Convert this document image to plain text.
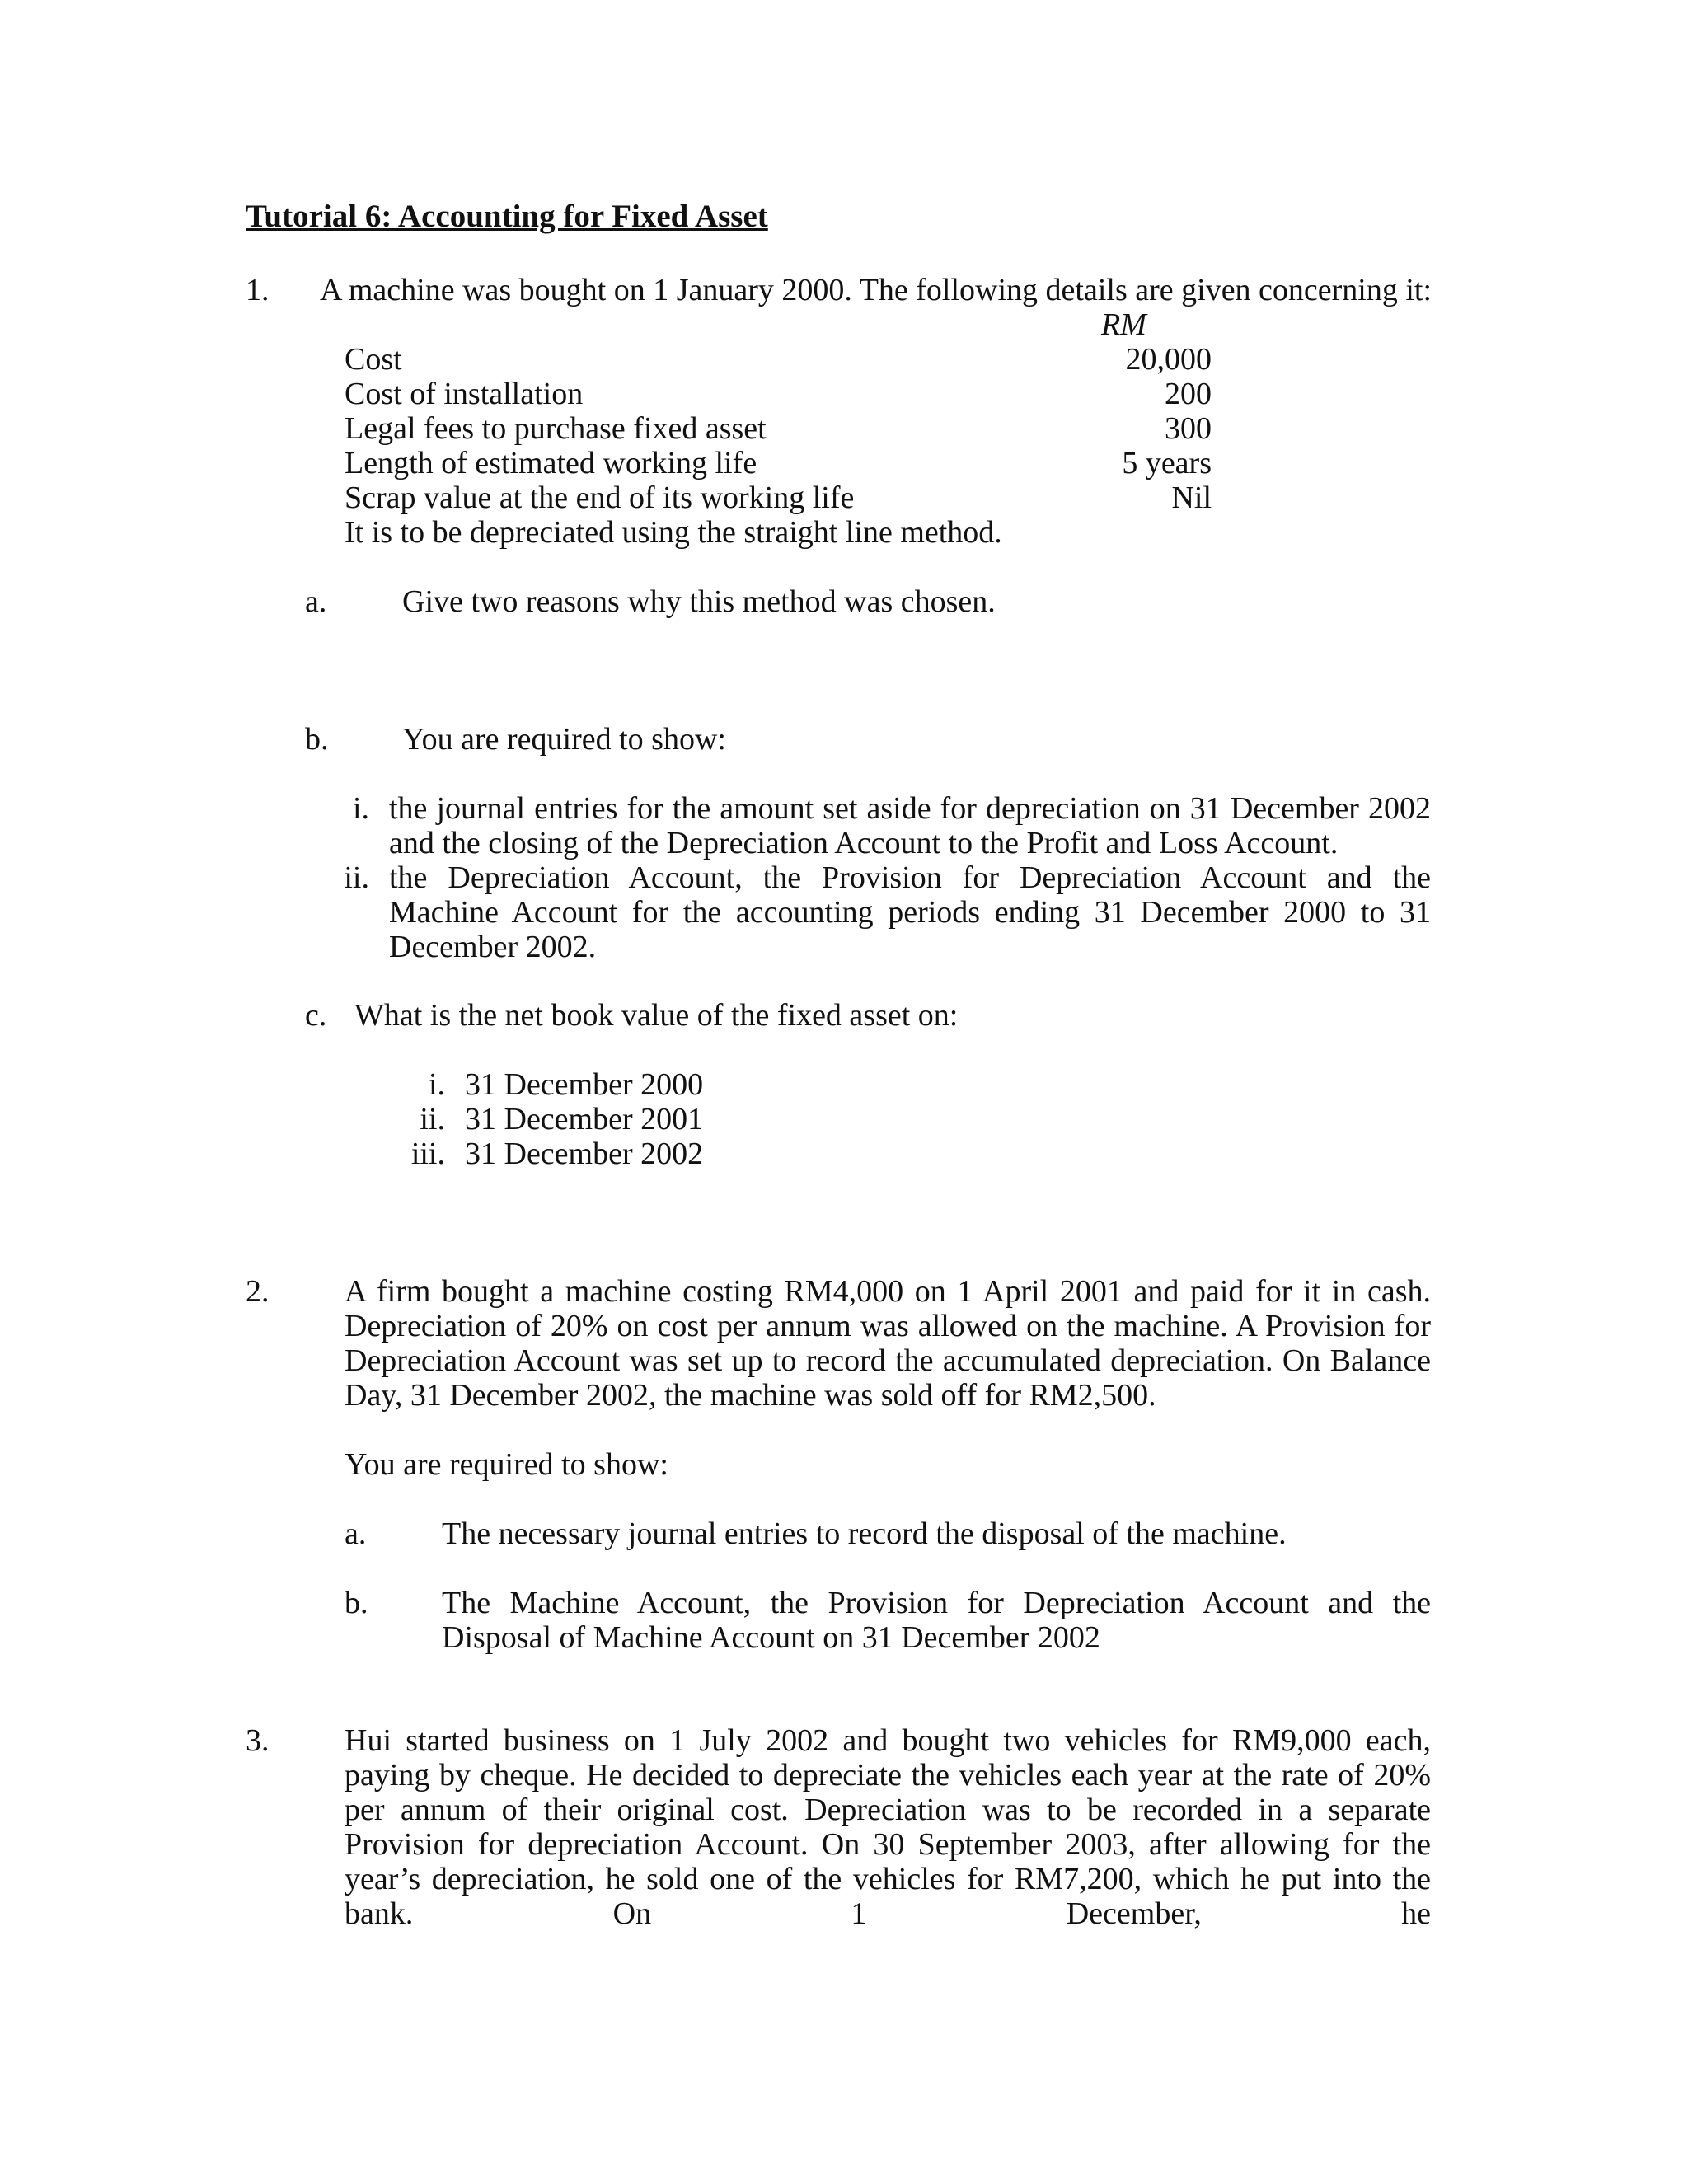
Tutorial 6: Accounting for Fixed Asset
1. A machine was bought on 1 January 2000. The following details are given concerning it:
RM
Cost	20,000
Cost of installation	200
Legal fees to purchase fixed asset	300
Length of estimated working life	5 years
Scrap value at the end of its working life	Nil
It is to be depreciated using the straight line method.
a. Give two reasons why this method was chosen.
b. You are required to show:
i. the journal entries for the amount set aside for depreciation on 31 December 2002 and the closing of the Depreciation Account to the Profit and Loss Account.
ii. the Depreciation Account, the Provision for Depreciation Account and the Machine Account for the accounting periods ending 31 December 2000 to 31 December 2002.
c. What is the net book value of the fixed asset on:
i. 31 December 2000
ii. 31 December 2001
iii. 31 December 2002
2. A firm bought a machine costing RM4,000 on 1 April 2001 and paid for it in cash. Depreciation of 20% on cost per annum was allowed on the machine. A Provision for Depreciation Account was set up to record the accumulated depreciation. On Balance Day, 31 December 2002, the machine was sold off for RM2,500.
You are required to show:
a. The necessary journal entries to record the disposal of the machine.
b. The Machine Account, the Provision for Depreciation Account and the Disposal of Machine Account on 31 December 2002
3. Hui started business on 1 July 2002 and bought two vehicles for RM9,000 each, paying by cheque. He decided to depreciate the vehicles each year at the rate of 20% per annum of their original cost. Depreciation was to be recorded in a separate Provision for depreciation Account. On 30 September 2003, after allowing for the year’s depreciation, he sold one of the vehicles for RM7,200, which he put into the bank. On 1 December, he
